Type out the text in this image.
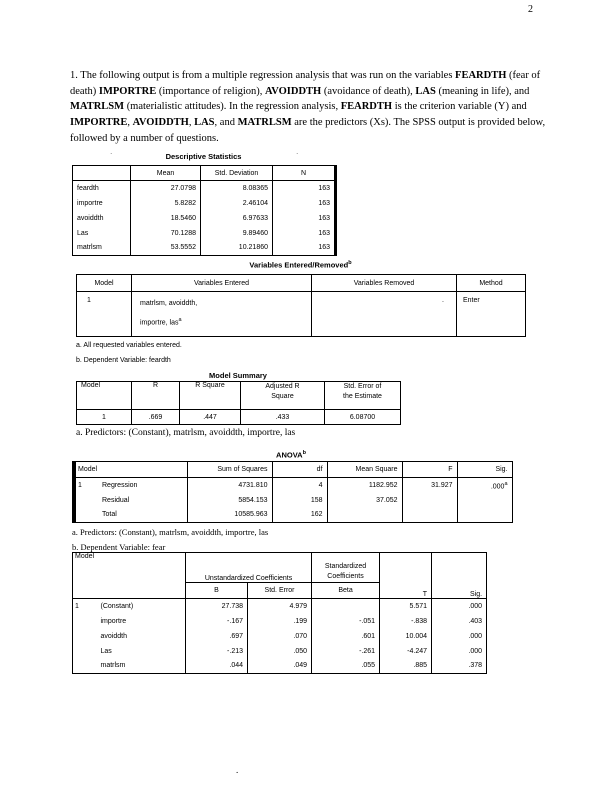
2
1. The following output is from a multiple regression analysis that was run on the variables FEARDTH (fear of death) IMPORTRE (importance of religion), AVOIDDTH (avoidance of death), LAS (meaning in life), and MATRLSM (materialistic attitudes). In the regression analysis, FEARDTH is the criterion variable (Y) and IMPORTRE, AVOIDDTH, LAS, and MATRLSM are the predictors (Xs). The SPSS output is provided below, followed by a number of questions.
·	·
Descriptive Statistics
	Mean	Std. Deviation	N
feardth	27.0798	8.08365	163
importre	5.8282	2.46104	163
avoiddth	18.5460	6.97633	163
Las	70.1288	9.89460	163
matrlsm	53.5552	10.21860	163
Variables Entered/Removed$^b$
Model	Variables Entered	Variables Removed	Method
1	matrlsm, avoiddth,
importre, las$^a$	.	Enter
a. All requested variables entered.
b. Dependent Variable: feardth
Model Summary
Model	R	R Square	Adjusted R
Square

Std. Error of
the Estimate

1	.669	.447	.433	6.08700
a. Predictors: (Constant), matrlsm, avoiddth, importre, las
ANOVA$^b$
Model		Sum of Squares	df	Mean Square	F	Sig.
1	Regression	4731.810	4	1182.952	31.927	.000$^a$
	Residual	5854.153	158	37.052		
	Total	10585.963	162			
a. Predictors: (Constant), matrlsm, avoiddth, importre, las
b. Dependent Variable: fear
Model		Unstandardized Coefficients		Standardized
Coefficients	T	Sig.

		B	Std. Error	Beta		
1	(Constant)	27.738	4.979		5.571	.000
	importre	-.167	.199	-.051	-.838	.403
	avoiddth	.697	.070	.601	10.004	.000
	Las	-.213	.050	-.261	-4.247	.000
	matrlsm	.044	.049	.055	.885	.378
.
